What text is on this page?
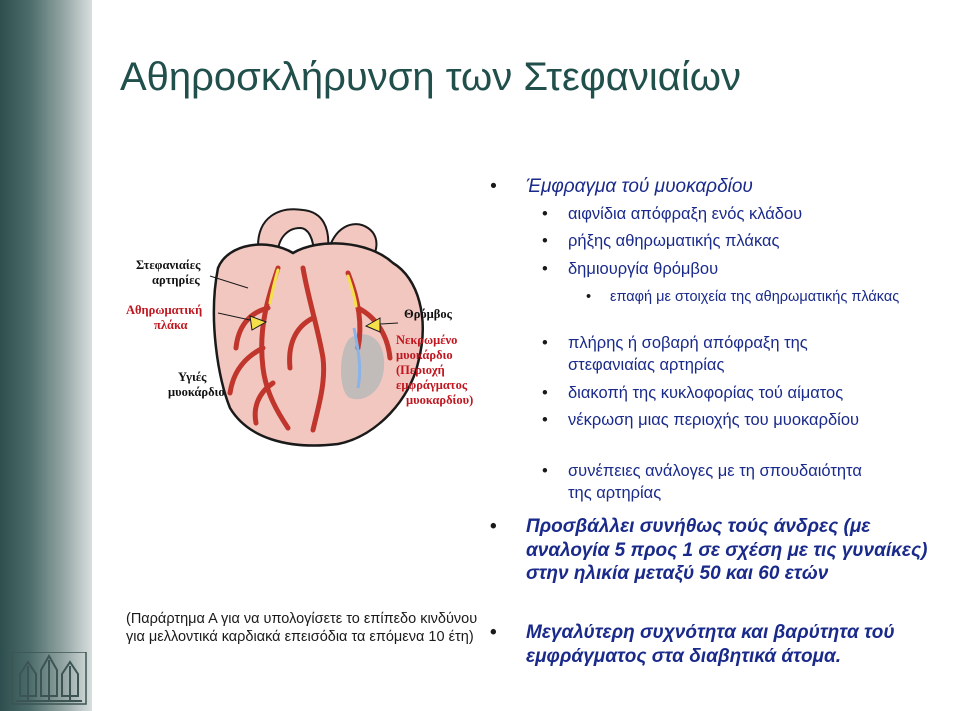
Αθηροσκλήρυνση των Στεφανιαίων
Στεφανιαίες
αρτηρίες
Αθηρωματική
πλάκα
Υγιές
μυοκάρδιο
Θρόμβος
Νεκρωμένο
μυοκάρδιο
(Περιοχή
εμφράγματος
μυοκαρδίου)
(Παράρτημα Α για να υπολογίσετε το επίπεδο κινδύνου για μελλοντικά καρδιακά επεισόδια τα επόμενα 10 έτη)
• Έμφραγμα τού μυοκαρδίου
• αιφνίδια απόφραξη ενός κλάδου
• ρήξης αθηρωματικής πλάκας
• δημιουργία θρόμβου
• επαφή με στοιχεία της αθηρωματικής πλάκας
• πλήρης ή σοβαρή απόφραξη της στεφανιαίας αρτηρίας
• διακοπή της κυκλοφορίας τού αίματος
• νέκρωση μιας περιοχής του μυοκαρδίου
• συνέπειες ανάλογες με τη σπουδαιότητα της αρτηρίας
• Προσβάλλει συνήθως τούς άνδρες (με αναλογία 5 προς 1 σε σχέση με τις γυναίκες) στην ηλικία μεταξύ 50 και 60 ετών
• Μεγαλύτερη συχνότητα και βαρύτητα τού εμφράγματος στα διαβητικά άτομα.
